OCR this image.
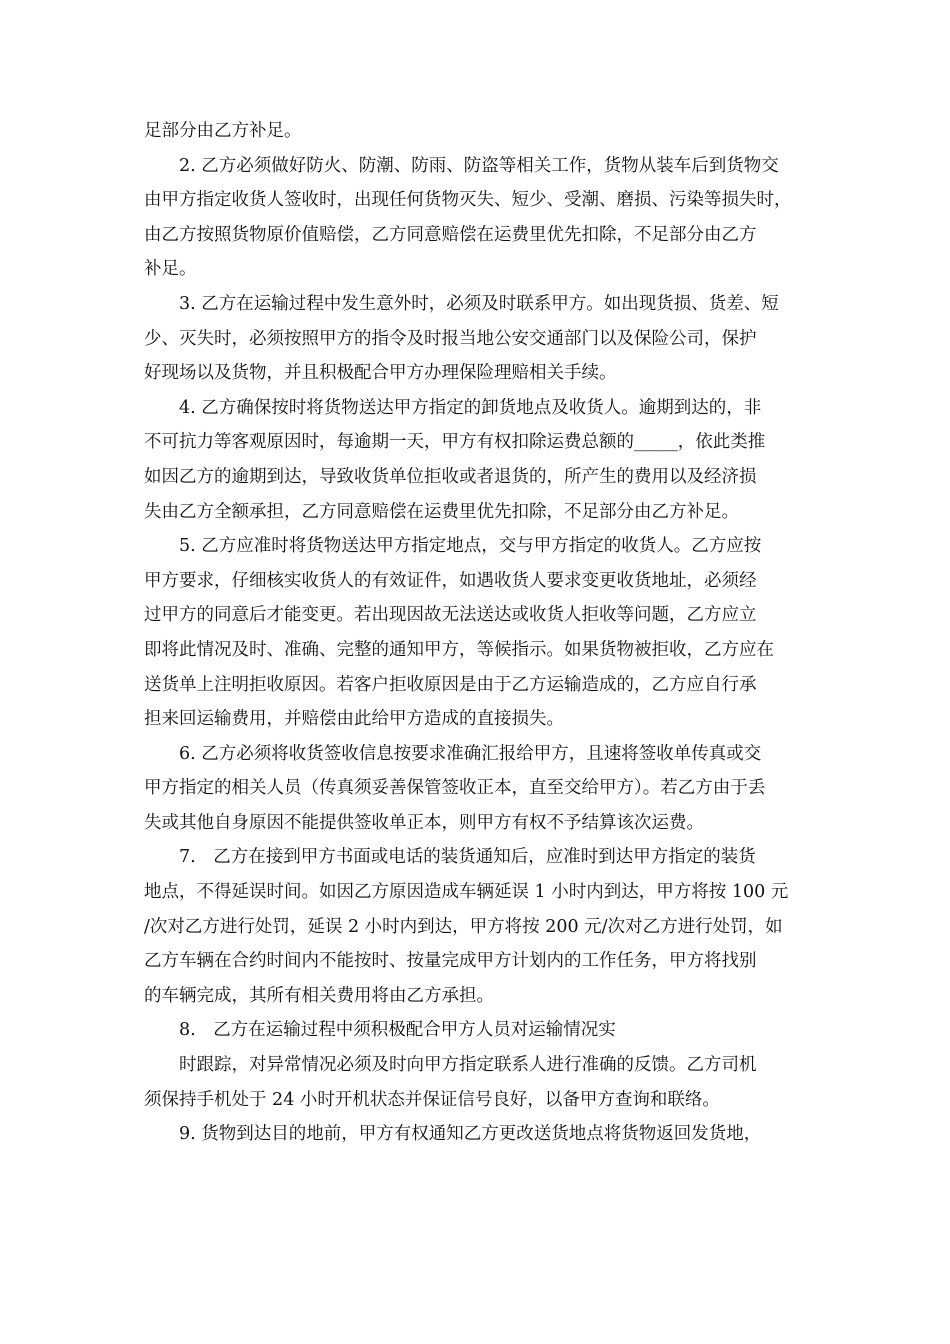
足部分由乙方补足。
2. 乙方必须做好防火、防潮、防雨、防盗等相关工作，货物从装车后到货物交
由甲方指定收货人签收时，出现任何货物灭失、短少、受潮、磨损、污染等损失时，
由乙方按照货物原价值赔偿，乙方同意赔偿在运费里优先扣除，不足部分由乙方
补足。
3. 乙方在运输过程中发生意外时，必须及时联系甲方。如出现货损、货差、短
少、灭失时，必须按照甲方的指令及时报当地公安交通部门以及保险公司，保护
好现场以及货物，并且积极配合甲方办理保险理赔相关手续。
4. 乙方确保按时将货物送达甲方指定的卸货地点及收货人。逾期到达的，非
不可抗力等客观原因时，每逾期一天，甲方有权扣除运费总额的_____，依此类推
如因乙方的逾期到达，导致收货单位拒收或者退货的，所产生的费用以及经济损
失由乙方全额承担，乙方同意赔偿在运费里优先扣除，不足部分由乙方补足。
5. 乙方应准时将货物送达甲方指定地点，交与甲方指定的收货人。乙方应按
甲方要求，仔细核实收货人的有效证件，如遇收货人要求变更收货地址，必须经
过甲方的同意后才能变更。若出现因故无法送达或收货人拒收等问题，乙方应立
即将此情况及时、准确、完整的通知甲方，等候指示。如果货物被拒收，乙方应在
送货单上注明拒收原因。若客户拒收原因是由于乙方运输造成的，乙方应自行承
担来回运输费用，并赔偿由此给甲方造成的直接损失。
6. 乙方必须将收货签收信息按要求准确汇报给甲方，且速将签收单传真或交
甲方指定的相关人员（传真须妥善保管签收正本，直至交给甲方）。若乙方由于丢
失或其他自身原因不能提供签收单正本，则甲方有权不予结算该次运费。
7.　乙方在接到甲方书面或电话的装货通知后，应准时到达甲方指定的装货
地点，不得延误时间。如因乙方原因造成车辆延误 1 小时内到达，甲方将按 100 元
/次对乙方进行处罚，延误 2 小时内到达，甲方将按 200 元/次对乙方进行处罚，如
乙方车辆在合约时间内不能按时、按量完成甲方计划内的工作任务，甲方将找别
的车辆完成，其所有相关费用将由乙方承担。
8.　乙方在运输过程中须积极配合甲方人员对运输情况实
时跟踪，对异常情况必须及时向甲方指定联系人进行准确的反馈。乙方司机
须保持手机处于 24 小时开机状态并保证信号良好，以备甲方查询和联络。
9. 货物到达目的地前，甲方有权通知乙方更改送货地点将货物返回发货地，
